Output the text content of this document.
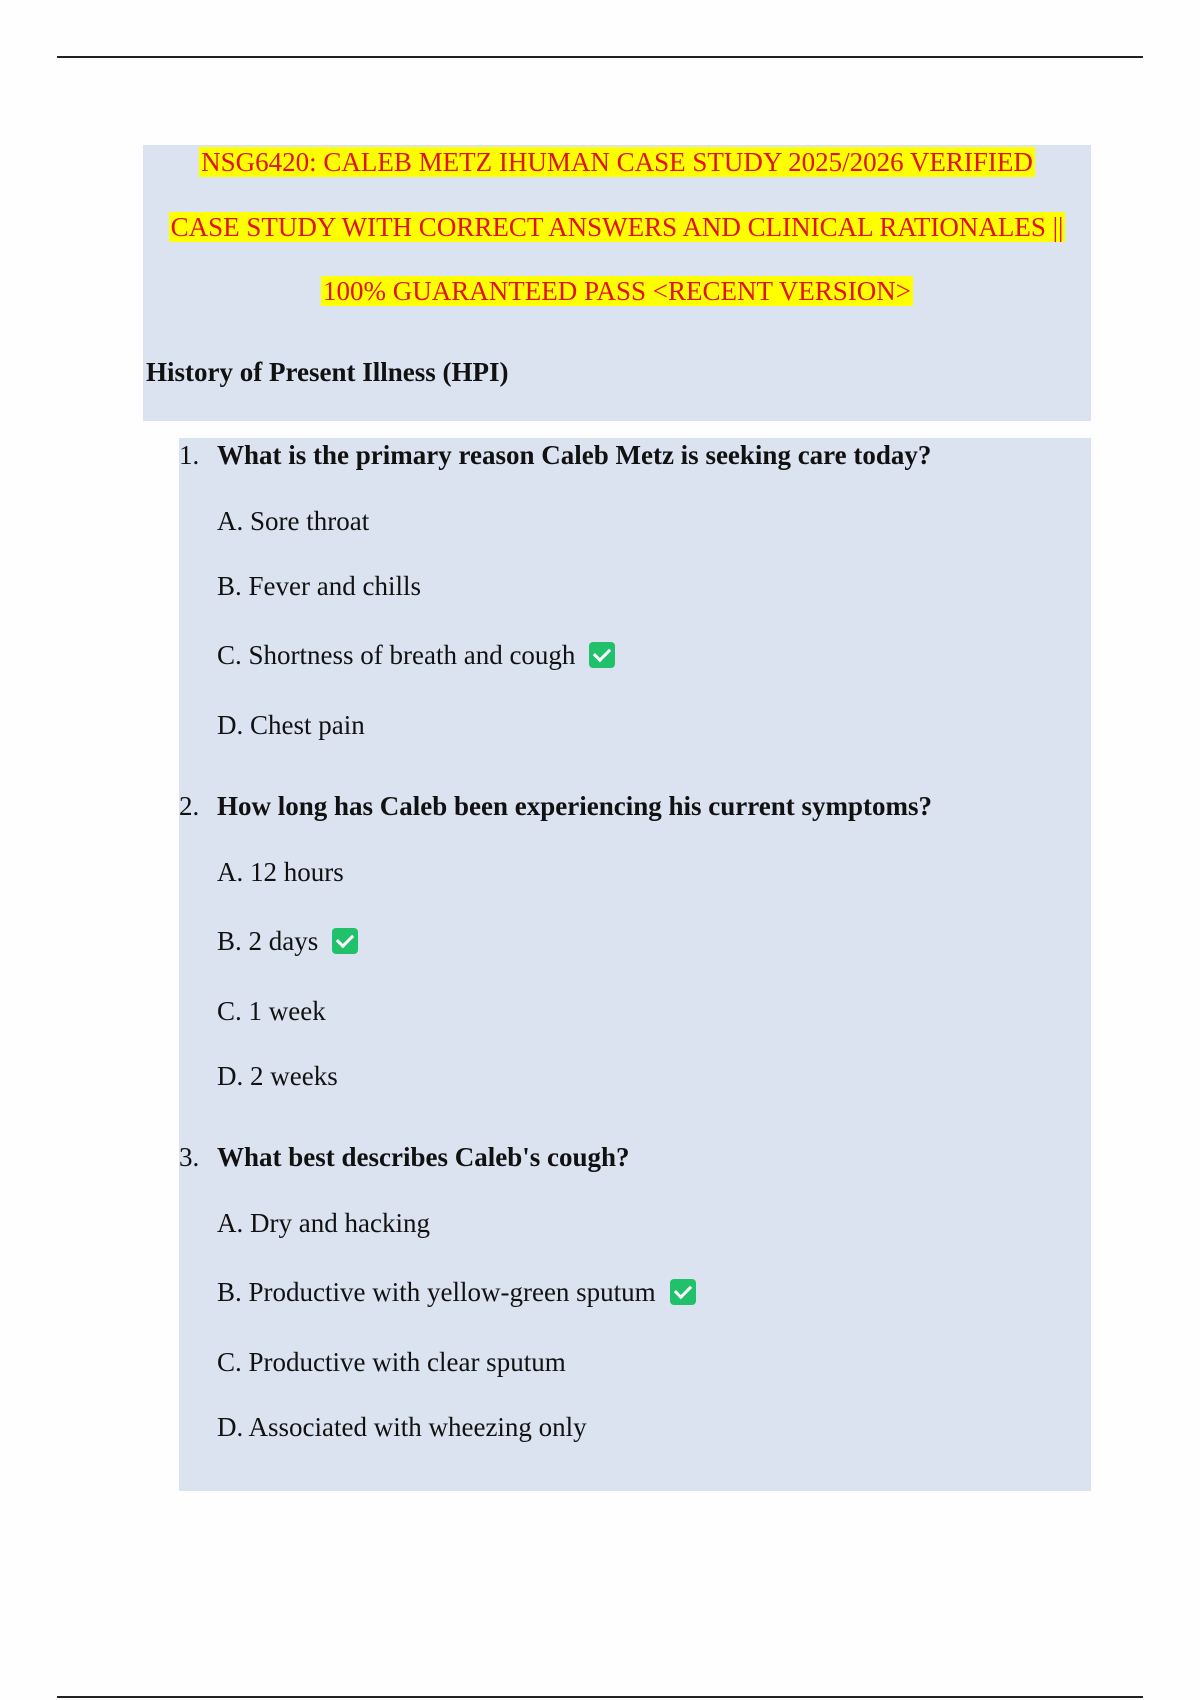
NSG6420: CALEB METZ IHUMAN CASE STUDY 2025/2026 VERIFIED
CASE STUDY WITH CORRECT ANSWERS AND CLINICAL RATIONALES ||
100% GUARANTEED PASS <RECENT VERSION>
History of Present Illness (HPI)
1. What is the primary reason Caleb Metz is seeking care today?
A. Sore throat
B. Fever and chills
C. Shortness of breath and cough
D. Chest pain
2. How long has Caleb been experiencing his current symptoms?
A. 12 hours
B. 2 days
C. 1 week
D. 2 weeks
3. What best describes Caleb's cough?
A. Dry and hacking
B. Productive with yellow-green sputum
C. Productive with clear sputum
D. Associated with wheezing only
